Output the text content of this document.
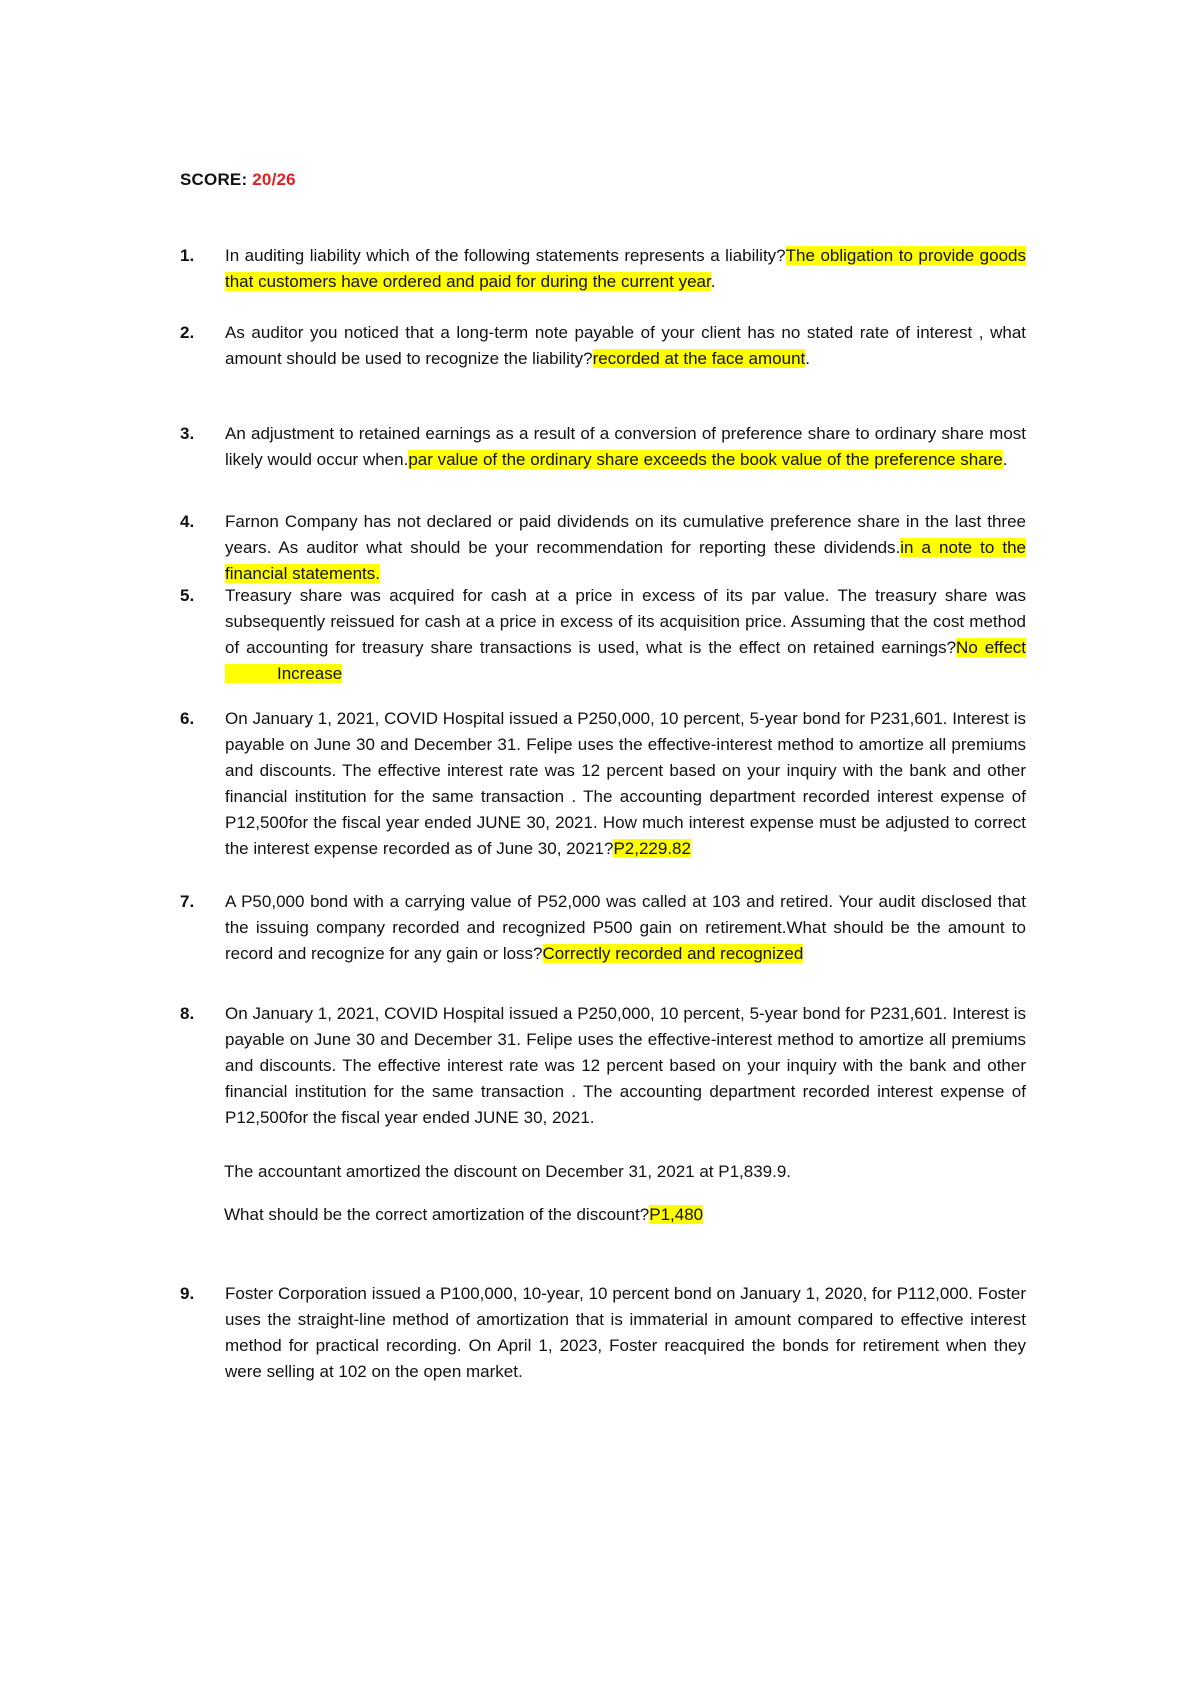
SCORE: 20/26
1. In auditing liability which of the following statements represents a liability?The obligation to provide goods that customers have ordered and paid for during the current year.
2. As auditor you noticed that a long-term note payable of your client has no stated rate of interest , what amount should be used to recognize the liability?recorded at the face amount.
3. An adjustment to retained earnings as a result of a conversion of preference share to ordinary share most likely would occur when.par value of the ordinary share exceeds the book value of the preference share.
4. Farnon Company has not declared or paid dividends on its cumulative preference share in the last three years. As auditor what should be your recommendation for reporting these dividends.in a note to the financial statements.
5. Treasury share was acquired for cash at a price in excess of its par value. The treasury share was subsequently reissued for cash at a price in excess of its acquisition price. Assuming that the cost method of accounting for treasury share transactions is used, what is the effect on retained earnings?No effectIncrease
6. On January 1, 2021, COVID Hospital issued a P250,000, 10 percent, 5-year bond for P231,601. Interest is payable on June 30 and December 31. Felipe uses the effective-interest method to amortize all premiums and discounts. The effective interest rate was 12 percent based on your inquiry with the bank and other financial institution for the same transaction . The accounting department recorded interest expense of P12,500for the fiscal year ended JUNE 30, 2021. How much interest expense must be adjusted to correct the interest expense recorded as of June 30, 2021?P2,229.82
7. A P50,000 bond with a carrying value of P52,000 was called at 103 and retired. Your audit disclosed that the issuing company recorded and recognized P500 gain on retirement.What should be the amount to record and recognize for any gain or loss?Correctly recorded and recognized
8. On January 1, 2021, COVID Hospital issued a P250,000, 10 percent, 5-year bond for P231,601. Interest is payable on June 30 and December 31. Felipe uses the effective-interest method to amortize all premiums and discounts. The effective interest rate was 12 percent based on your inquiry with the bank and other financial institution for the same transaction . The accounting department recorded interest expense of P12,500for the fiscal year ended JUNE 30, 2021.
The accountant amortized the discount on December 31, 2021 at P1,839.9.
What should be the correct amortization of the discount?P1,480
9. Foster Corporation issued a P100,000, 10-year, 10 percent bond on January 1, 2020, for P112,000. Foster uses the straight-line method of amortization that is immaterial in amount compared to effective interest method for practical recording. On April 1, 2023, Foster reacquired the bonds for retirement when they were selling at 102 on the open market.
